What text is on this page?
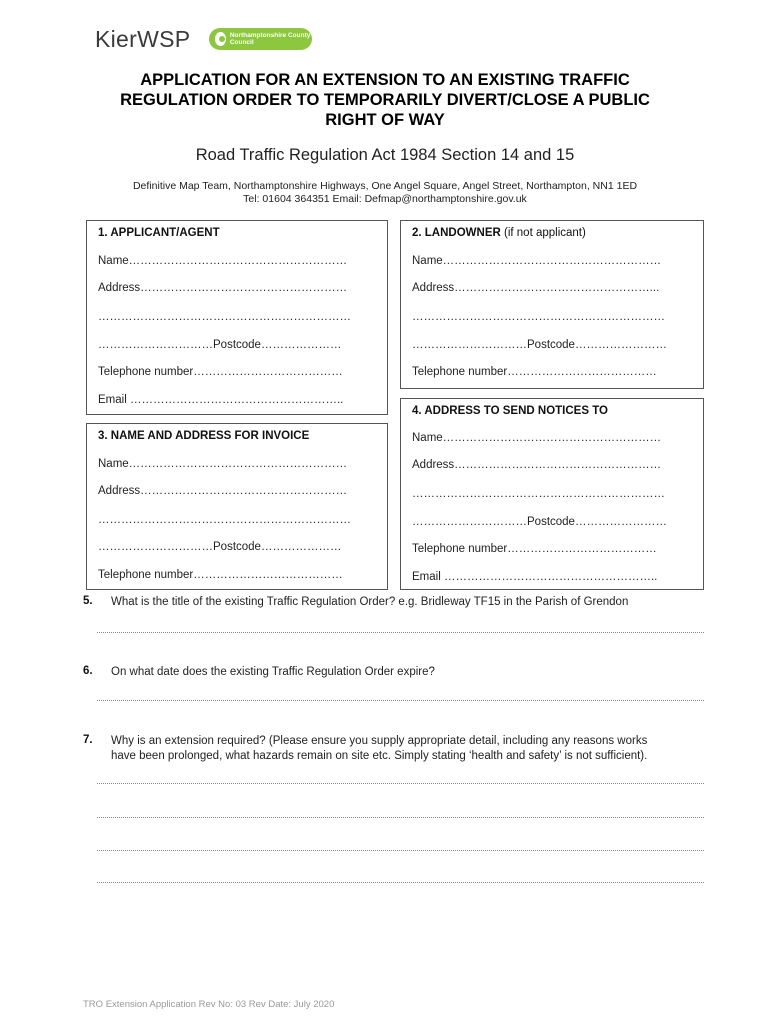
KierWSP	Northamptonshire County Council
APPLICATION FOR AN EXTENSION TO AN EXISTING TRAFFIC
REGULATION ORDER TO TEMPORARILY DIVERT/CLOSE A PUBLIC
RIGHT OF WAY
Road Traffic Regulation Act 1984 Section 14 and 15
Definitive Map Team, Northamptonshire Highways, One Angel Square, Angel Street, Northampton, NN1 1ED
Tel: 01604 364351 Email: Defmap@northamptonshire.gov.uk
1. APPLICANT/AGENT
Name…………………………………………………
Address………………………………………………
…………………………………………………………
…………………………Postcode…………………
Telephone number…………………………………
Email ………………………………………………..
2. LANDOWNER (if not applicant)
Name…………………………………………………
Address……………………………………………...
…………………………………………………………
…………………………Postcode……………………
Telephone number…………………………………
3. NAME AND ADDRESS FOR INVOICE
Name…………………………………………………
Address………………………………………………
…………………………………………………………
…………………………Postcode…………………
Telephone number…………………………………
4. ADDRESS TO SEND NOTICES TO
Name…………………………………………………
Address………………………………………………
…………………………………………………………
…………………………Postcode……………………
Telephone number…………………………………
Email ………………………………………………..
5. What is the title of the existing Traffic Regulation Order? e.g. Bridleway TF15 in the Parish of Grendon
6. On what date does the existing Traffic Regulation Order expire?
7. Why is an extension required? (Please ensure you supply appropriate detail, including any reasons works
have been prolonged, what hazards remain on site etc. Simply stating ‘health and safety’ is not sufficient).
TRO Extension Application Rev No: 03 Rev Date: July 2020
